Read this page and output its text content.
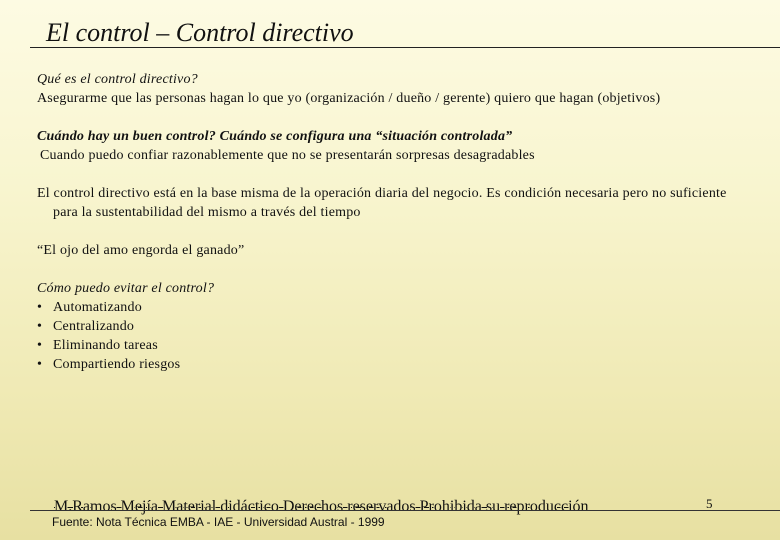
El control – Control directivo

Qué es el control directivo?

Asegurarme que las personas hagan lo que yo (organización / dueño / gerente) quiero que hagan (objetivos)

Cuándo hay un buen control? Cuándo se configura una “situación controlada”

Cuando puedo confiar razonablemente que no se presentarán sorpresas desagradables

El control directivo está en la base misma de la operación diaria del negocio. Es condición necesaria pero no suficiente para la sustentabilidad del mismo a través del tiempo

“El ojo del amo engorda el ganado”

Cómo puedo evitar el control?

• Automatizando
• Centralizando
• Eliminando tareas
• Compartiendo riesgos
M.Ramos Mejía Material didáctico Derechos reservados Prohibida su reproducción	5
Fuente: Nota Técnica EMBA - IAE - Universidad Austral - 1999
